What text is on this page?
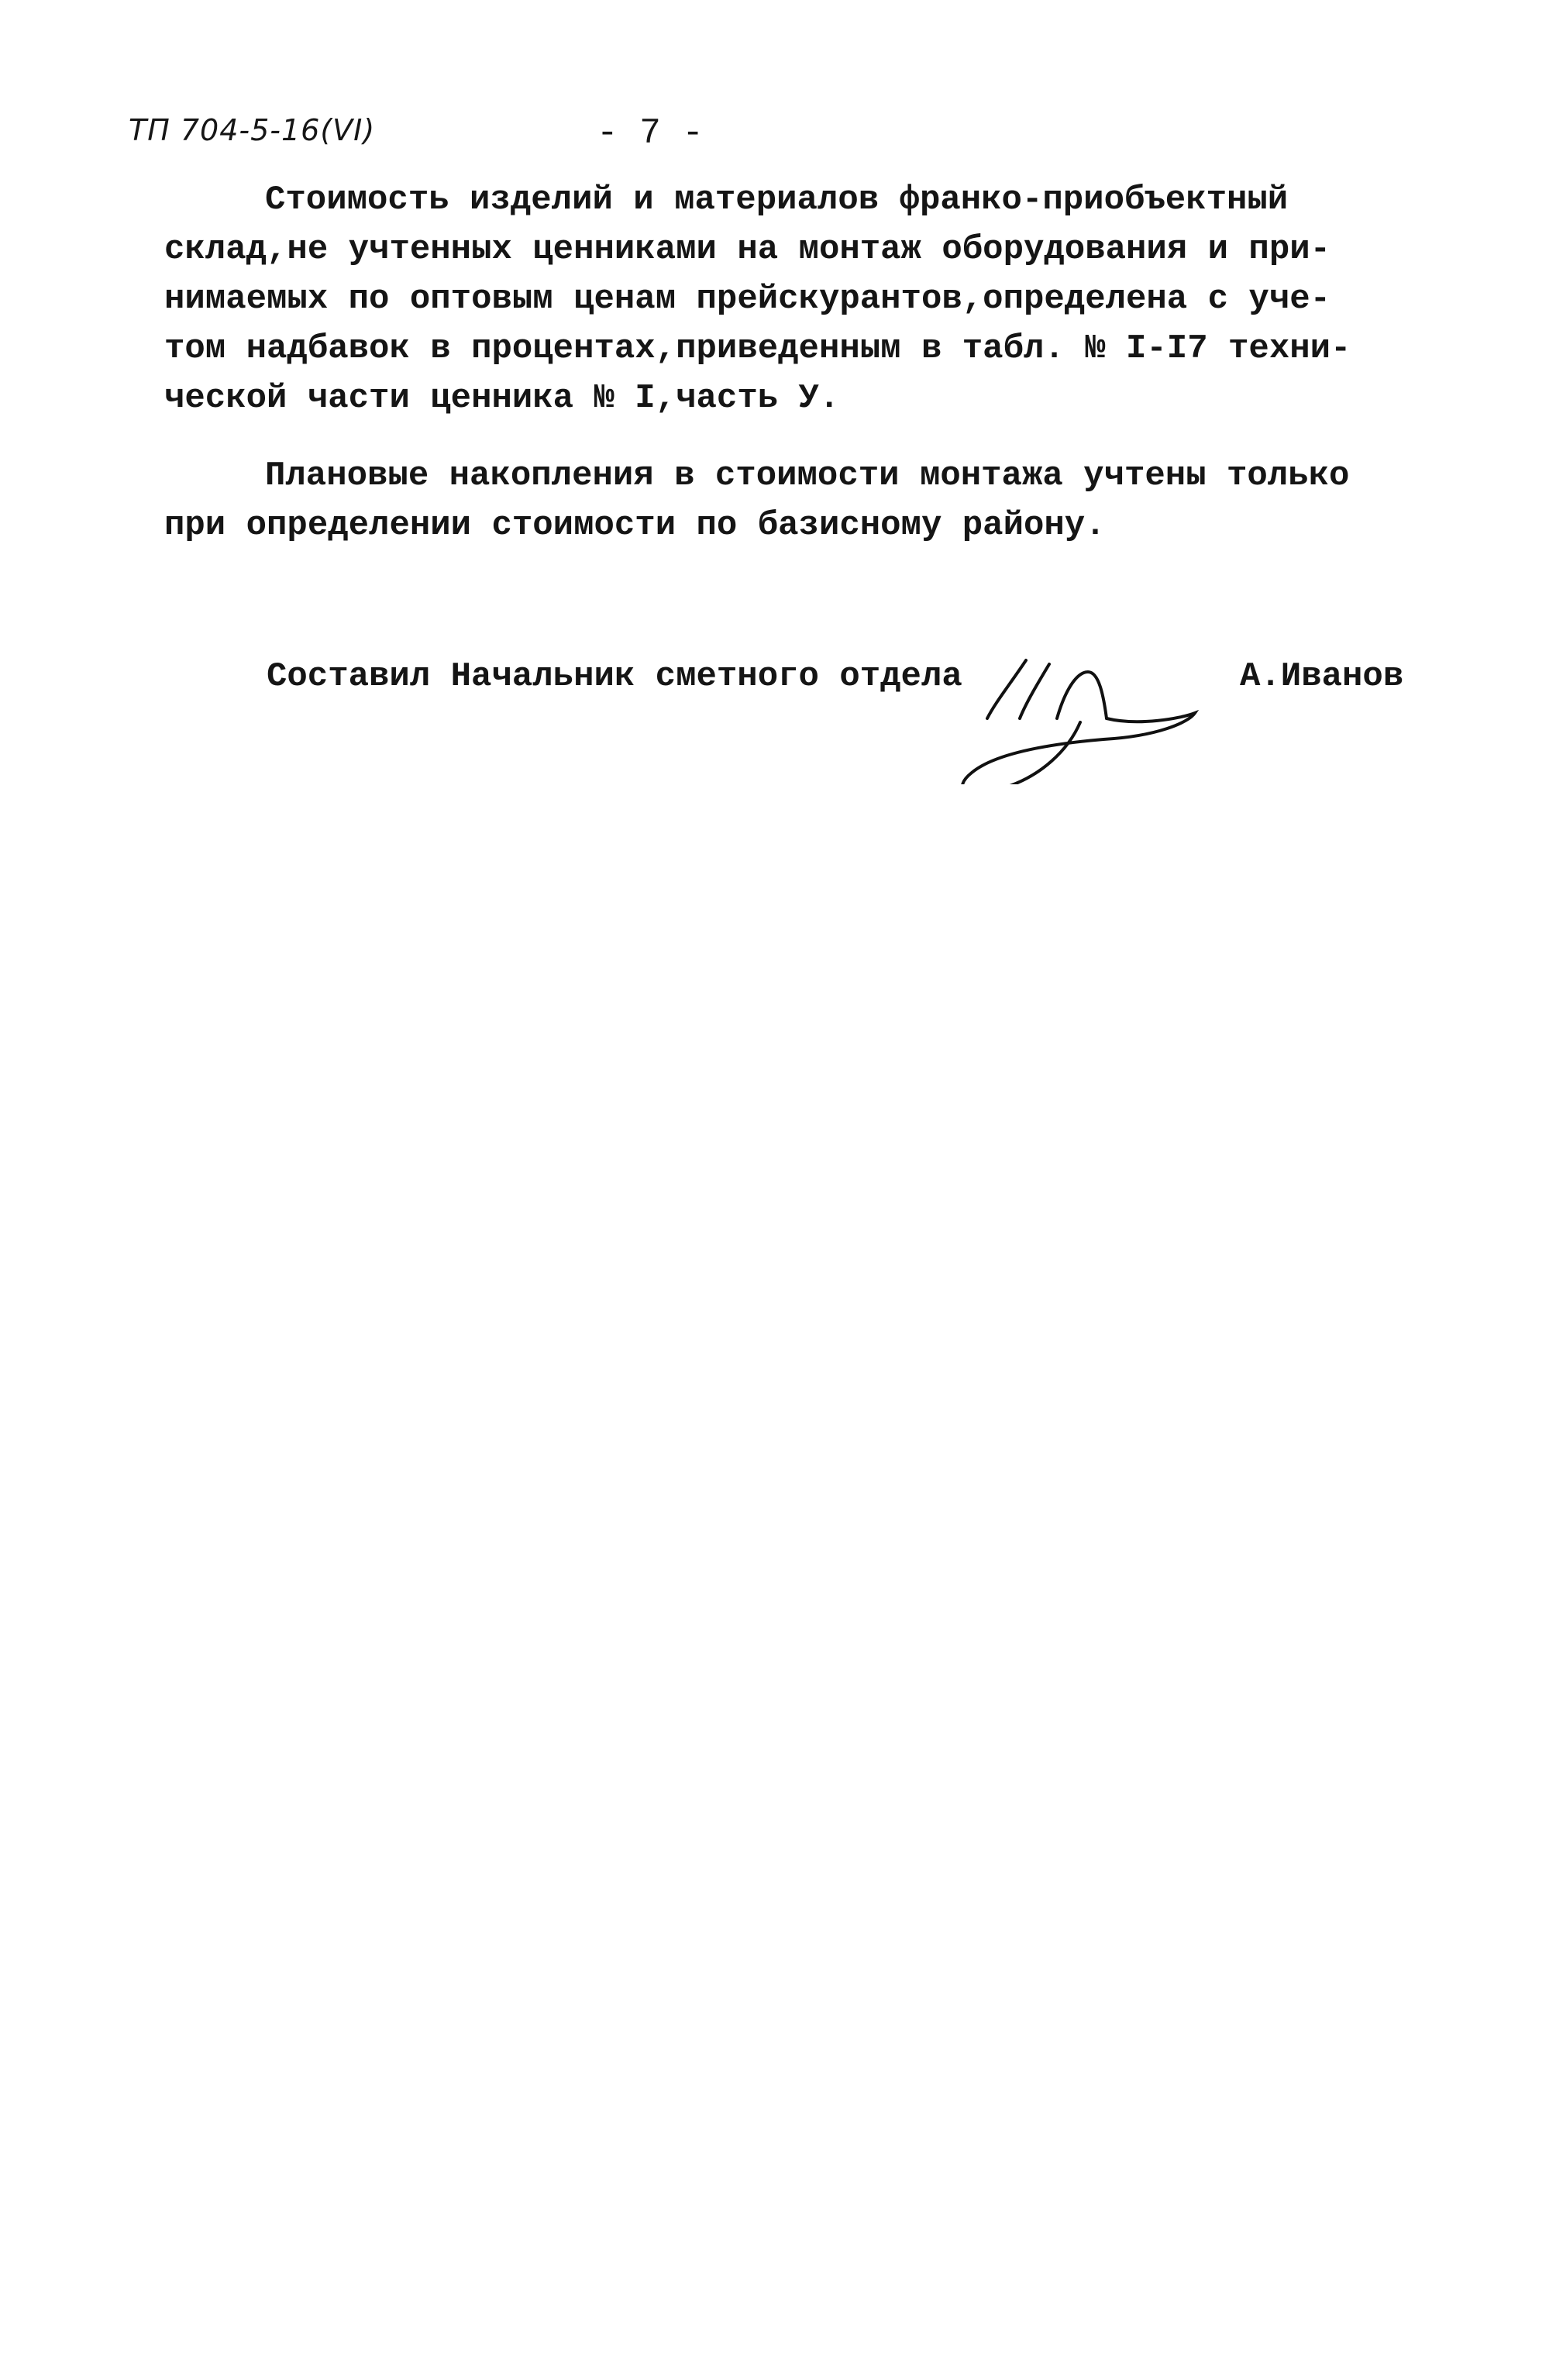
ТП 704-5-16(VI)	- 7 -
Стоимость изделий и материалов франко-приобъектный
склад,не учтенных ценниками на монтаж оборудования и при-
нимаемых по оптовым ценам прейскурантов,определена с уче-
том надбавок в процентах,приведенным в табл. № I-I7 техни-
ческой части ценника № I,часть У.
Плановые накопления в стоимости монтажа учтены только
при определении стоимости по базисному району.
Составил Начальник сметного отдела	А.Иванов
